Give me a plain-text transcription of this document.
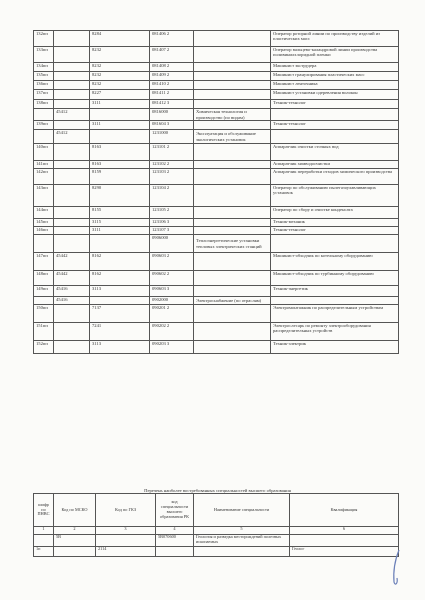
132пп		8284	081406 2		Оператор роторной линии по производству изделий из пластических масс
133пп		8232	081407 2		Оператор вальцево-каландровой линии производства поливинилхлоридной пленки
134пп		8232	081408 2		Машинист экструдера
135пп		8232	081409 2		Машинист гранулирования пластических масс
136пп		8232	081410 2		Машинист ленточника
137пп		8227	081411 2		Машинист установки одеревления волокон
138пп		3111	081412 3		Техник-технолог
	45412		0816000	Химическая технология и производство (по видам)	
139пп		3111	081604 3		Техник-технолог
	45412		1231000	Эксплуатация и обслуживание экологических установок	
140пп		8163	123101 2		Аппаратчик очистки сточных вод
141пп		8163	123102 2		Аппаратчик химводоочистки
142пп		8159	123103 2		Аппаратчик переработки отходов химического производства
143пп		8290	123104 2		Оператор по обслуживанию пылегазоулавливающих установок
144пп		8155	123105 2		Оператор по сбору и очистке конденсата
145пп		3115	123106 3		Техник-механик
146пп		3111	123107 3		Техник-технолог
			0906000	Теплоэнергетические установки тепловых электрических станций	
147пп	45442	8162	090603 2		Машинист-обходчик по котельному оборудованию
148пп	45442	8162	090602 2		Машинист-обходчик по турбинному оборудованию
149пп	45416	3113	090603 3		Техник-энергетик
	45416		0902000	Электроснабжение (по отраслям)	
150пп		7137	090201 2		Электромонтажник по распределительным устройствам
151пп		7241	090202 2		Электрослесарь по ремонту электрооборудования распределительных устройств
152пп		3113	090203 3		Техник-электрик
Перечень наиболее востребованных специальностей высшего образования
шифр по ПНВС	Код по МСКО	Код по ГКЗ	код специальности высшего образования РК	Наименование специальности	Квалификация
1	2	3	4	5	6
	5В		5В070600	Геология и разведка месторождений полезных ископаемых	
1п		2114			Геолог
